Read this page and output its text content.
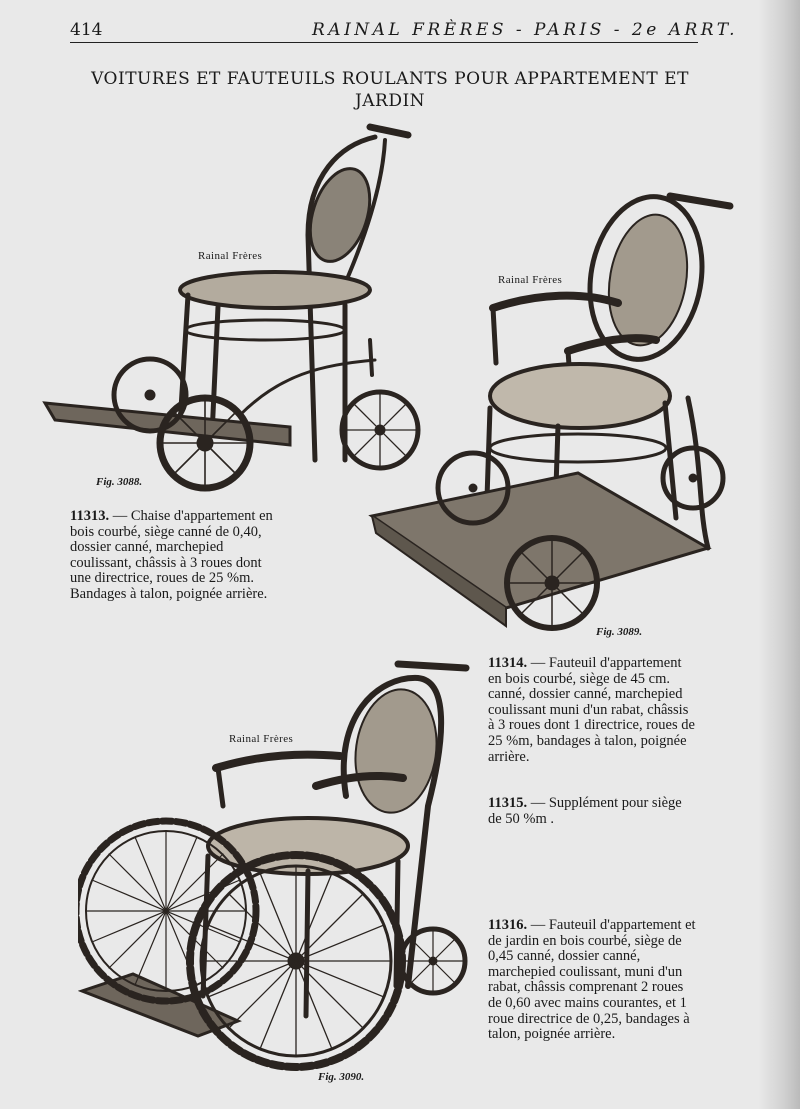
414	RAINAL FRÈRES - PARIS - 2e ARRT.
VOITURES ET FAUTEUILS ROULANTS POUR APPARTEMENT ET JARDIN
Rainal Frères
Fig. 3088.
Rainal Frères
Fig. 3089.
Rainal Frères
Fig. 3090.
11313. — Chaise d'appartement en bois courbé, siège canné de 0,40, dossier canné, marchepied coulissant, châssis à 3 roues dont une directrice, roues de 25 %m. Bandages à talon, poignée arrière.
11314. — Fauteuil d'appartement en bois courbé, siège de 45 cm. canné, dossier canné, marchepied coulissant muni d'un rabat, châssis à 3 roues dont 1 directrice, roues de 25 %m, bandages à talon, poignée arrière.
11315. — Supplément pour siège de 50 %m .
11316. — Fauteuil d'appartement et de jardin en bois courbé, siège de 0,45 canné, dossier canné, marchepied coulissant, muni d'un rabat, châssis comprenant 2 roues de 0,60 avec mains courantes, et 1 roue directrice de 0,25, bandages à talon, poignée arrière.
